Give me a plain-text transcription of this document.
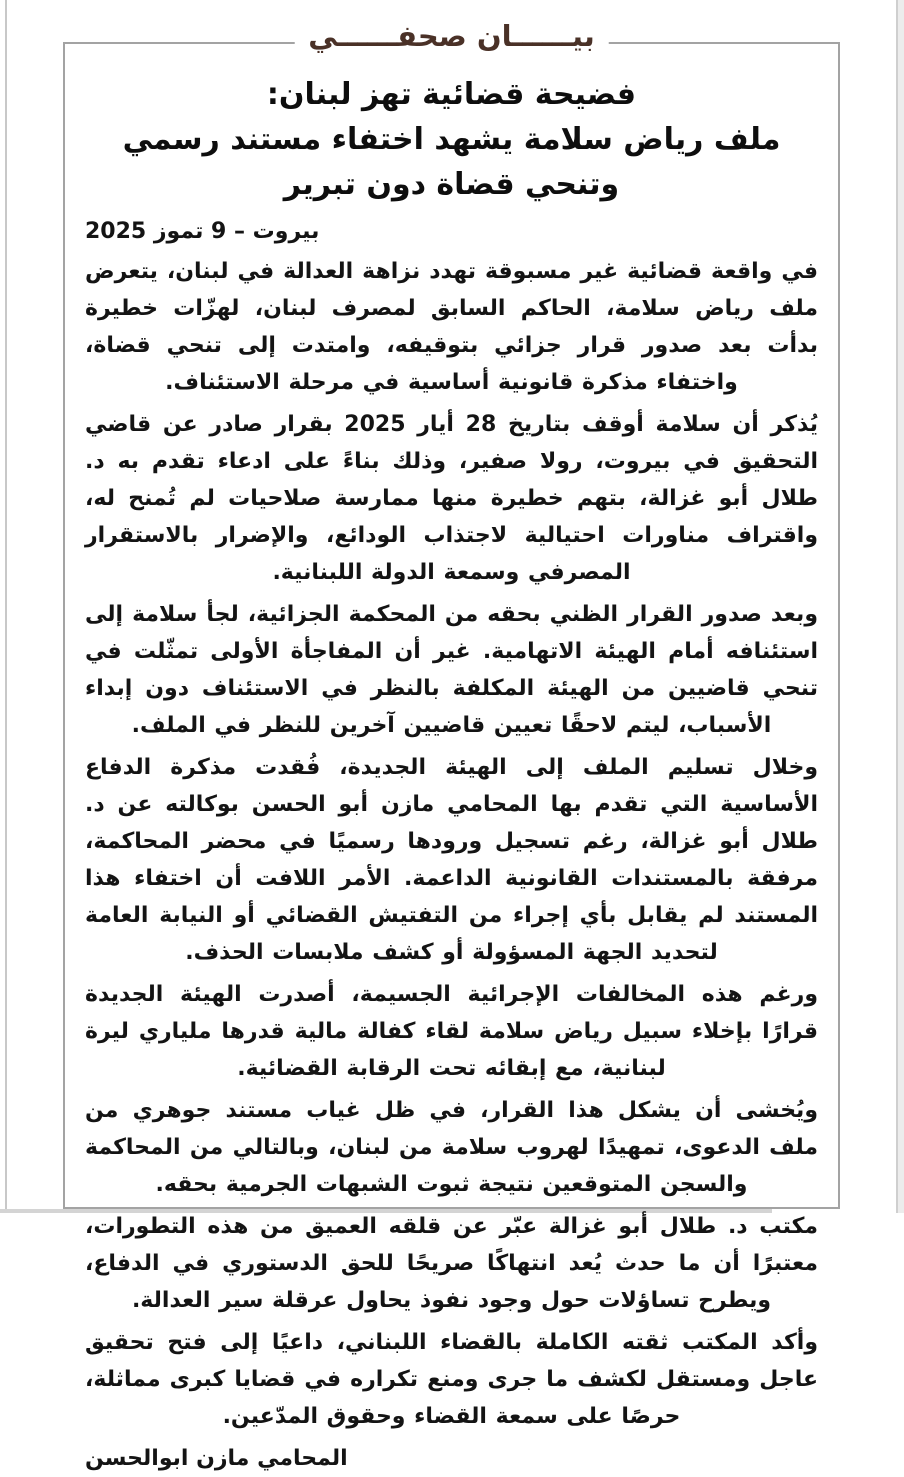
بيــــــان صحفــــــي
فضيحة قضائية تهز لبنان:
ملف رياض سلامة يشهد اختفاء مستند رسمي
وتنحي قضاة دون تبرير

بيروت – 9 تموز 2025

في واقعة قضائية غير مسبوقة تهدد نزاهة العدالة في لبنان، يتعرض ملف رياض سلامة، الحاكم السابق لمصرف لبنان، لهزّات خطيرة بدأت بعد صدور قرار جزائي بتوقيفه، وامتدت إلى تنحي قضاة، واختفاء مذكرة قانونية أساسية في مرحلة الاستئناف.

يُذكر أن سلامة أوقف بتاريخ 28 أيار 2025 بقرار صادر عن قاضي التحقيق في بيروت، رولا صفير، وذلك بناءً على ادعاء تقدم به د. طلال أبو غزالة، بتهم خطيرة منها ممارسة صلاحيات لم تُمنح له، واقتراف مناورات احتيالية لاجتذاب الودائع، والإضرار بالاستقرار المصرفي وسمعة الدولة اللبنانية.

وبعد صدور القرار الظني بحقه من المحكمة الجزائية، لجأ سلامة إلى استئنافه أمام الهيئة الاتهامية. غير أن المفاجأة الأولى تمثّلت في تنحي قاضيين من الهيئة المكلفة بالنظر في الاستئناف دون إبداء الأسباب، ليتم لاحقًا تعيين قاضيين آخرين للنظر في الملف.

وخلال تسليم الملف إلى الهيئة الجديدة، فُقدت مذكرة الدفاع الأساسية التي تقدم بها المحامي مازن أبو الحسن بوكالته عن د. طلال أبو غزالة، رغم تسجيل ورودها رسميًا في محضر المحاكمة، مرفقة بالمستندات القانونية الداعمة. الأمر اللافت أن اختفاء هذا المستند لم يقابل بأي إجراء من التفتيش القضائي أو النيابة العامة لتحديد الجهة المسؤولة أو كشف ملابسات الحذف.

ورغم هذه المخالفات الإجرائية الجسيمة، أصدرت الهيئة الجديدة قرارًا بإخلاء سبيل رياض سلامة لقاء كفالة مالية قدرها ملياري ليرة لبنانية، مع إبقائه تحت الرقابة القضائية.

ويُخشى أن يشكل هذا القرار، في ظل غياب مستند جوهري من ملف الدعوى، تمهيدًا لهروب سلامة من لبنان، وبالتالي من المحاكمة والسجن المتوقعين نتيجة ثبوت الشبهات الجرمية بحقه.

مكتب د. طلال أبو غزالة عبّر عن قلقه العميق من هذه التطورات، معتبرًا أن ما حدث يُعد انتهاكًا صريحًا للحق الدستوري في الدفاع، ويطرح تساؤلات حول وجود نفوذ يحاول عرقلة سير العدالة.

وأكد المكتب ثقته الكاملة بالقضاء اللبناني، داعيًا إلى فتح تحقيق عاجل ومستقل لكشف ما جرى ومنع تكراره في قضايا كبرى مماثلة، حرصًا على سمعة القضاء وحقوق المدّعين.

المحامي مازن ابوالحسن
